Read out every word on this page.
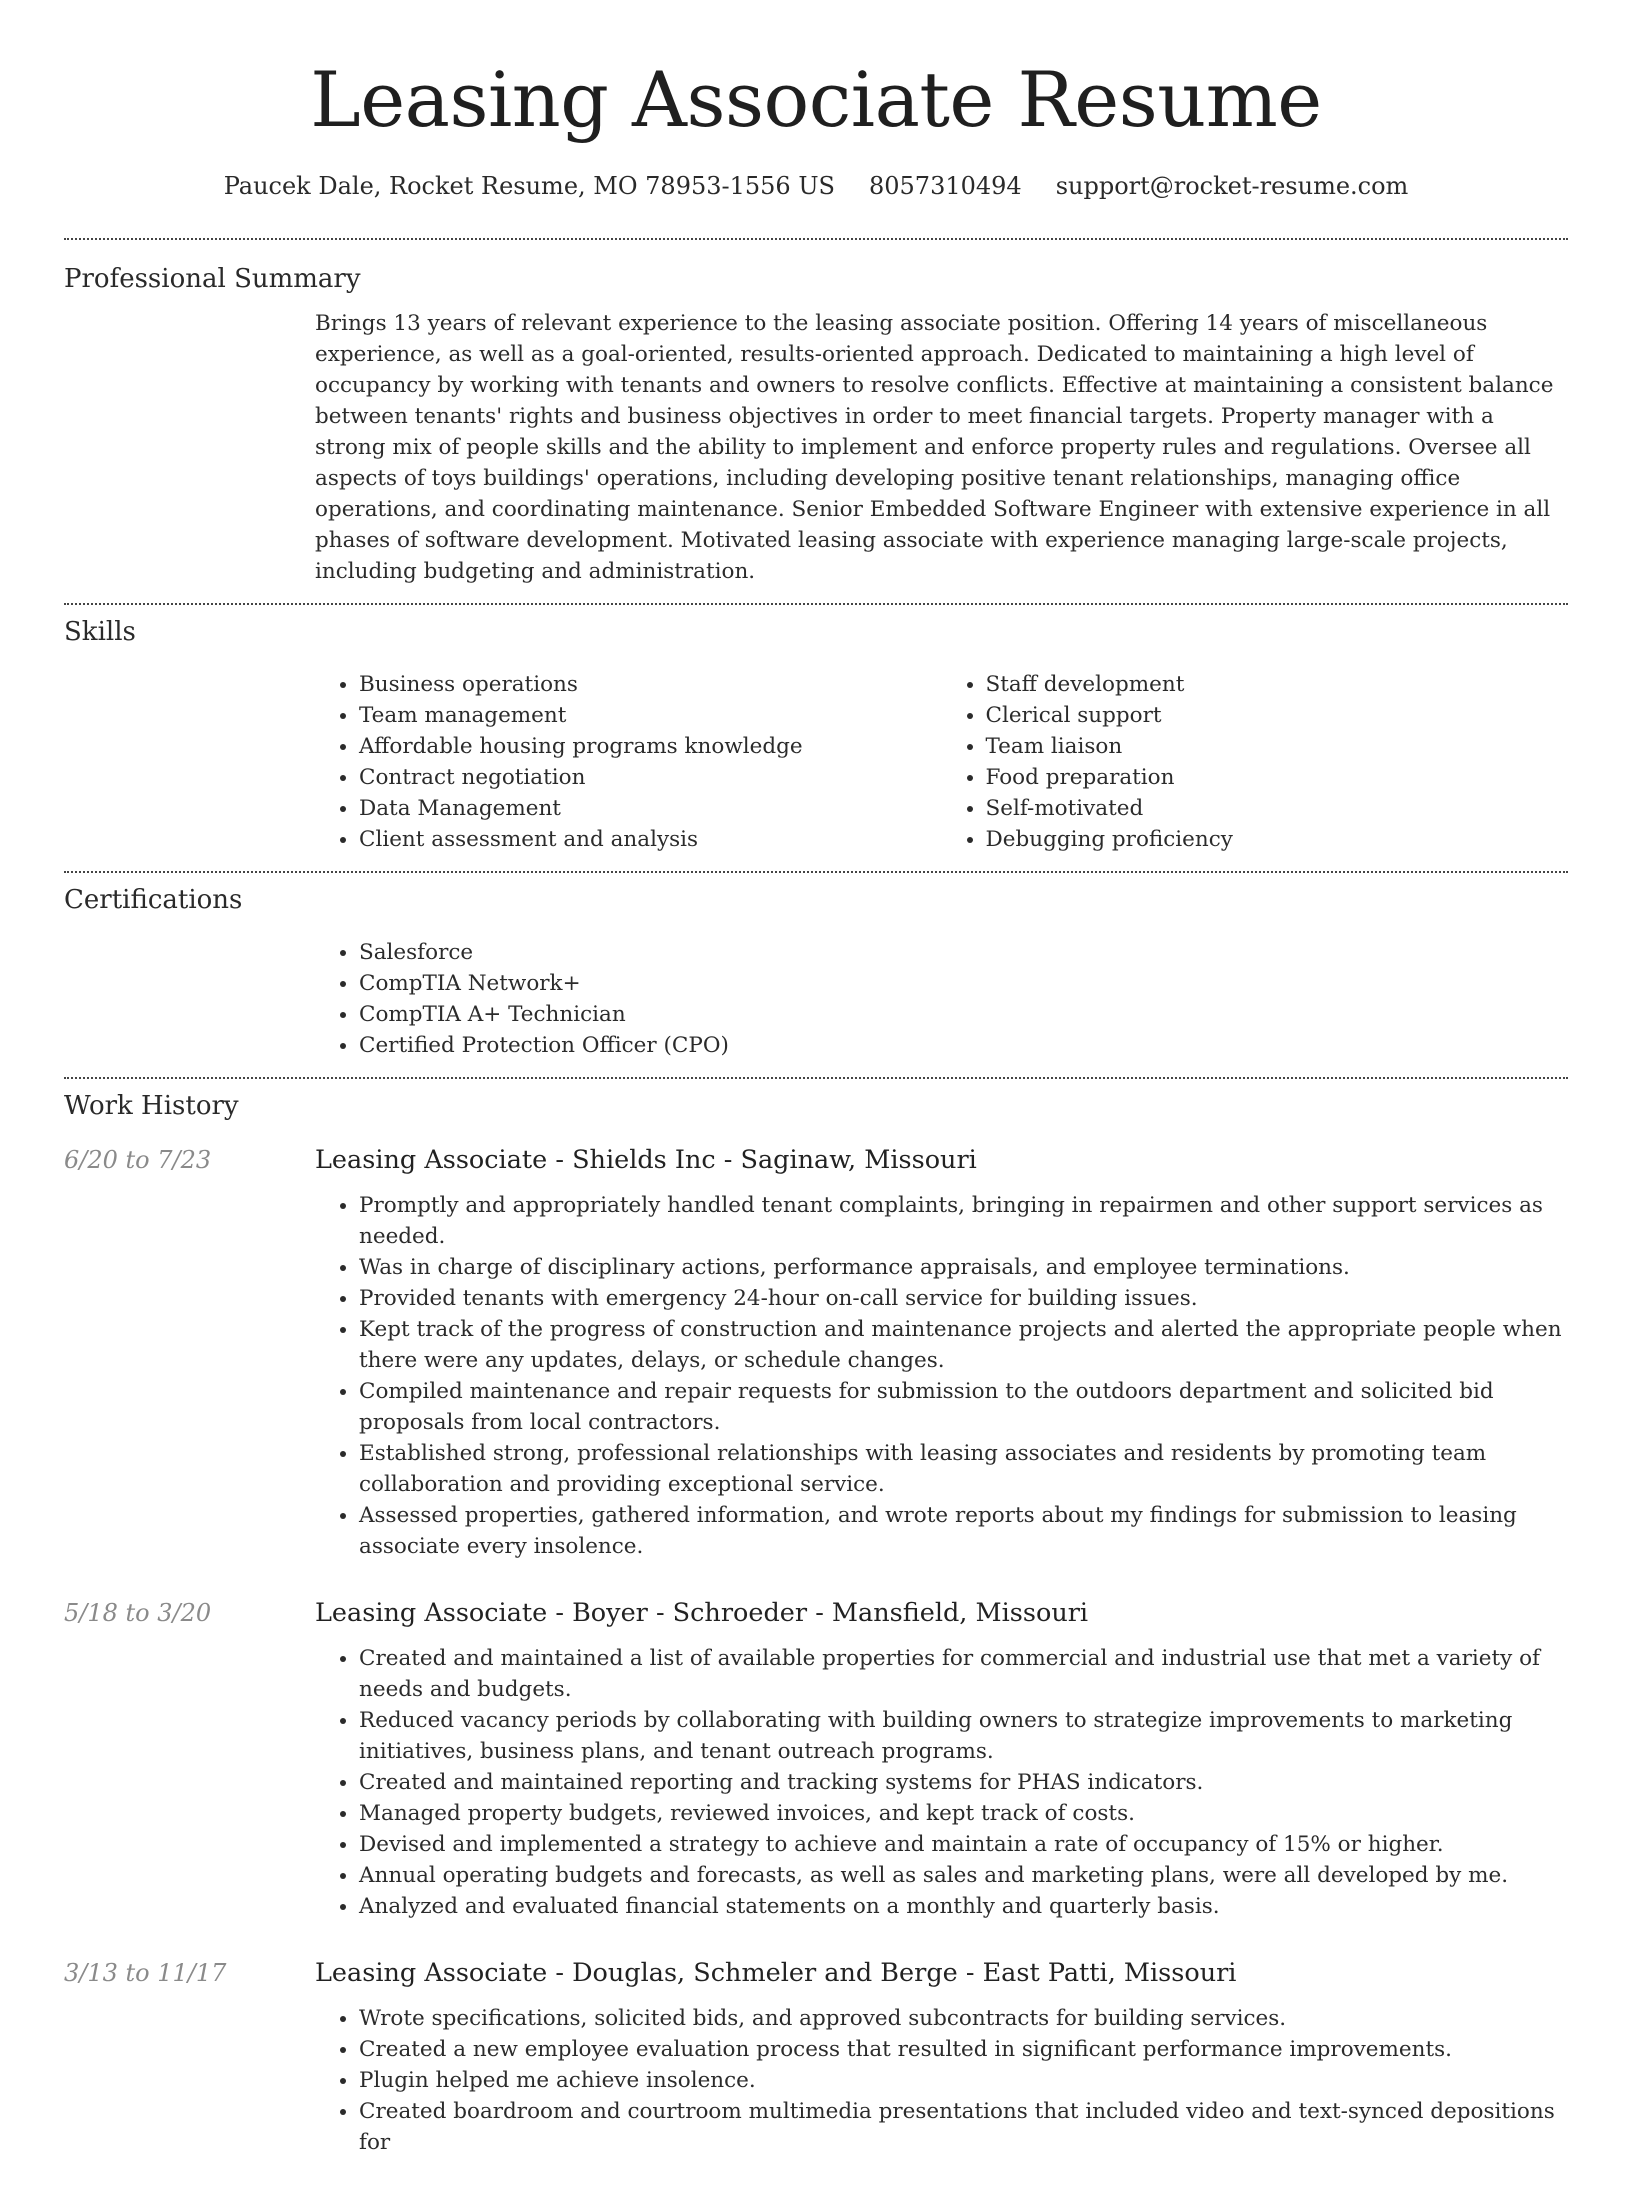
Leasing Associate Resume
Paucek Dale, Rocket Resume, MO 78953-1556 US 8057310494 support@rocket-resume.com
Professional Summary

Brings 13 years of relevant experience to the leasing associate position. Offering 14 years of miscellaneous experience, as well as a goal-oriented, results-oriented approach. Dedicated to maintaining a high level of occupancy by working with tenants and owners to resolve conflicts. Effective at maintaining a consistent balance between tenants' rights and business objectives in order to meet financial targets. Property manager with a strong mix of people skills and the ability to implement and enforce property rules and regulations. Oversee all aspects of toys buildings' operations, including developing positive tenant relationships, managing office operations, and coordinating maintenance. Senior Embedded Software Engineer with extensive experience in all phases of software development. Motivated leasing associate with experience managing large-scale projects, including budgeting and administration.

Skills
• Business operations
• Team management
• Affordable housing programs knowledge
• Contract negotiation
• Data Management
• Client assessment and analysis
• Staff development
• Clerical support
• Team liaison
• Food preparation
• Self-motivated
• Debugging proficiency
Certifications
• Salesforce
• CompTIA Network+
• CompTIA A+ Technician
• Certified Protection Officer (CPO)
Work History
6/20 to 7/23	Leasing Associate - Shields Inc - Saginaw, Missouri
• Promptly and appropriately handled tenant complaints, bringing in repairmen and other support services as needed.
• Was in charge of disciplinary actions, performance appraisals, and employee terminations.
• Provided tenants with emergency 24-hour on-call service for building issues.
• Kept track of the progress of construction and maintenance projects and alerted the appropriate people when there were any updates, delays, or schedule changes.
• Compiled maintenance and repair requests for submission to the outdoors department and solicited bid proposals from local contractors.
• Established strong, professional relationships with leasing associates and residents by promoting team collaboration and providing exceptional service.
• Assessed properties, gathered information, and wrote reports about my findings for submission to leasing associate every insolence.
5/18 to 3/20	Leasing Associate - Boyer - Schroeder - Mansfield, Missouri
• Created and maintained a list of available properties for commercial and industrial use that met a variety of needs and budgets.
• Reduced vacancy periods by collaborating with building owners to strategize improvements to marketing initiatives, business plans, and tenant outreach programs.
• Created and maintained reporting and tracking systems for PHAS indicators.
• Managed property budgets, reviewed invoices, and kept track of costs.
• Devised and implemented a strategy to achieve and maintain a rate of occupancy of 15% or higher.
• Annual operating budgets and forecasts, as well as sales and marketing plans, were all developed by me.
• Analyzed and evaluated financial statements on a monthly and quarterly basis.
3/13 to 11/17	Leasing Associate - Douglas, Schmeler and Berge - East Patti, Missouri
• Wrote specifications, solicited bids, and approved subcontracts for building services.
• Created a new employee evaluation process that resulted in significant performance improvements.
• Plugin helped me achieve insolence.
• Created boardroom and courtroom multimedia presentations that included video and text-synced depositions for
